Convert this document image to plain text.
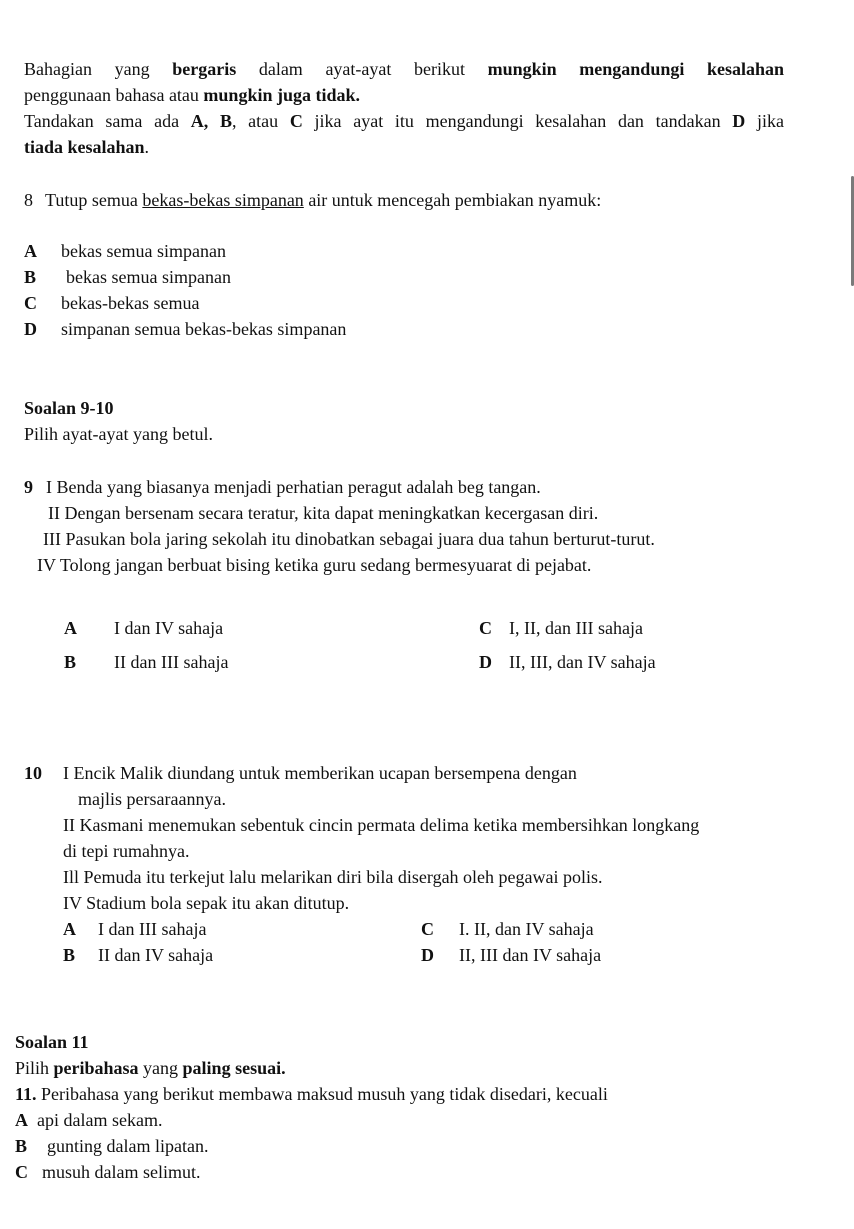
Bahagian yang bergaris dalam ayat-ayat berikut mungkin mengandungi kesalahan
penggunaan bahasa atau mungkin juga tidak.
Tandakan sama ada A, B, atau C jika ayat itu mengandungi kesalahan dan tandakan D jika
tiada kesalahan.
8 Tutup semua bekas-bekas simpanan air untuk mencegah pembiakan nyamuk:
A bekas semua simpanan
B bekas semua simpanan
C bekas-bekas semua
D simpanan semua bekas-bekas simpanan
Soalan 9-10
Pilih ayat-ayat yang betul.
9 I Benda yang biasanya menjadi perhatian peragut adalah beg tangan.
II Dengan bersenam secara teratur, kita dapat meningkatkan kecergasan diri.
III Pasukan bola jaring sekolah itu dinobatkan sebagai juara dua tahun berturut-turut.
IV Tolong jangan berbuat bising ketika guru sedang bermesyuarat di pejabat.
A I dan IV sahaja
B II dan III sahaja
C I, II, dan III sahaja
D II, III, dan IV sahaja
10 I Encik Malik diundang untuk memberikan ucapan bersempena dengan
majlis persaraannya.
II Kasmani menemukan sebentuk cincin permata delima ketika membersihkan longkang
di tepi rumahnya.
Ill Pemuda itu terkejut lalu melarikan diri bila disergah oleh pegawai polis.
IV Stadium bola sepak itu akan ditutup.
A I dan III sahaja
B II dan IV sahaja
C I. II, dan IV sahaja
D II, III dan IV sahaja
Soalan 11
Pilih peribahasa yang paling sesuai.
11. Peribahasa yang berikut membawa maksud musuh yang tidak disedari, kecuali
A api dalam sekam.
B gunting dalam lipatan.
C musuh dalam selimut.
